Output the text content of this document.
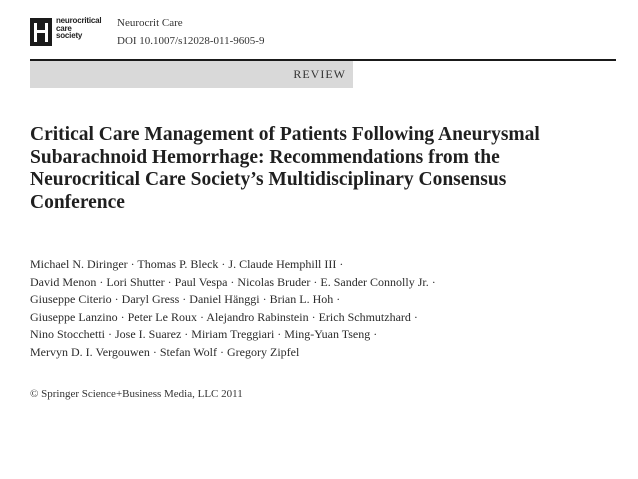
neurocritical
care
society
Neurocrit Care
DOI 10.1007/s12028-011-9605-9
REVIEW
Critical Care Management of Patients Following Aneurysmal
Subarachnoid Hemorrhage: Recommendations from the
Neurocritical Care Society’s Multidisciplinary Consensus
Conference
Michael N. Diringer · Thomas P. Bleck · J. Claude Hemphill III ·
David Menon · Lori Shutter · Paul Vespa · Nicolas Bruder · E. Sander Connolly Jr. ·
Giuseppe Citerio · Daryl Gress · Daniel Hänggi · Brian L. Hoh ·
Giuseppe Lanzino · Peter Le Roux · Alejandro Rabinstein · Erich Schmutzhard ·
Nino Stocchetti · Jose I. Suarez · Miriam Treggiari · Ming-Yuan Tseng ·
Mervyn D. I. Vergouwen · Stefan Wolf · Gregory Zipfel
© Springer Science+Business Media, LLC 2011
